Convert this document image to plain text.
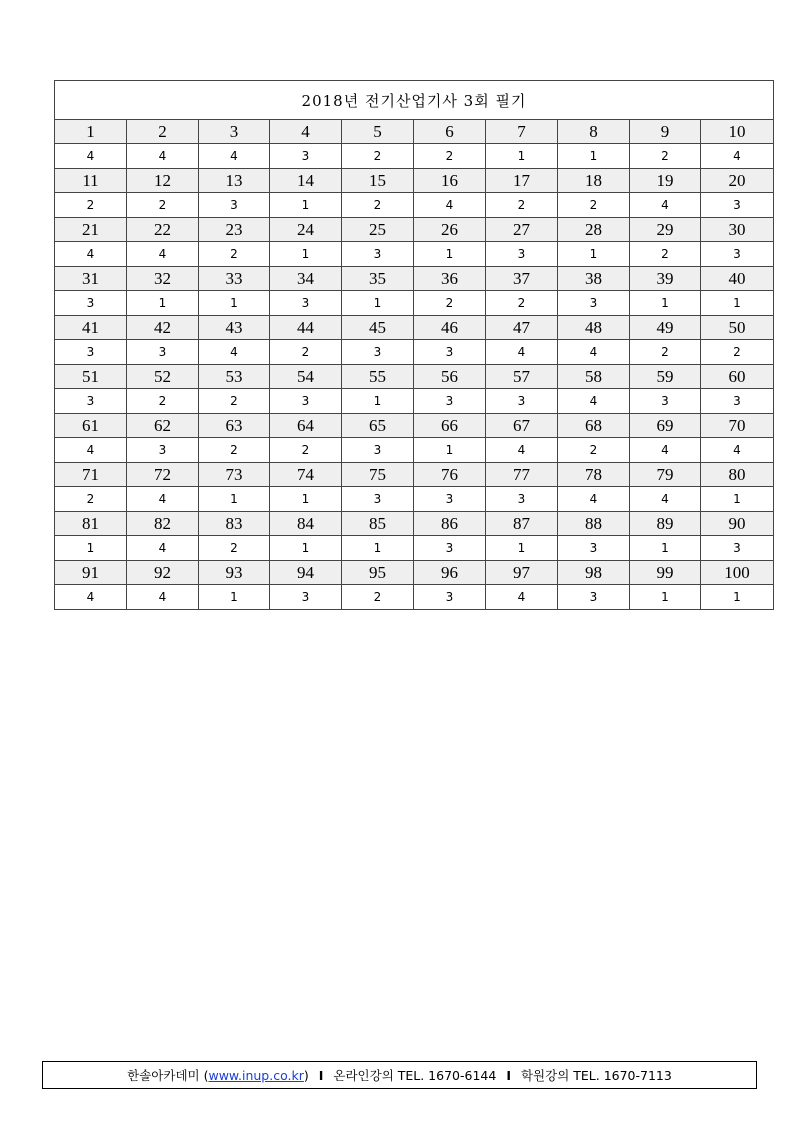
2018년 전기산업기사 3회 필기									
1	2	3	4	5	6	7	8	9	10
4	4	4	3	2	2	1	1	2	4
11	12	13	14	15	16	17	18	19	20
2	2	3	1	2	4	2	2	4	3
21	22	23	24	25	26	27	28	29	30
4	4	2	1	3	1	3	1	2	3
31	32	33	34	35	36	37	38	39	40
3	1	1	3	1	2	2	3	1	1
41	42	43	44	45	46	47	48	49	50
3	3	4	2	3	3	4	4	2	2
51	52	53	54	55	56	57	58	59	60
3	2	2	3	1	3	3	4	3	3
61	62	63	64	65	66	67	68	69	70
4	3	2	2	3	1	4	2	4	4
71	72	73	74	75	76	77	78	79	80
2	4	1	1	3	3	3	4	4	1
81	82	83	84	85	86	87	88	89	90
1	4	2	1	1	3	1	3	1	3
91	92	93	94	95	96	97	98	99	100
4	4	1	3	2	3	4	3	1	1
한솔아카데미
( www.inup.co.kr ) I 온라인강의 TEL. 1670-6144 I 학원강의 TEL. 1670-7113
